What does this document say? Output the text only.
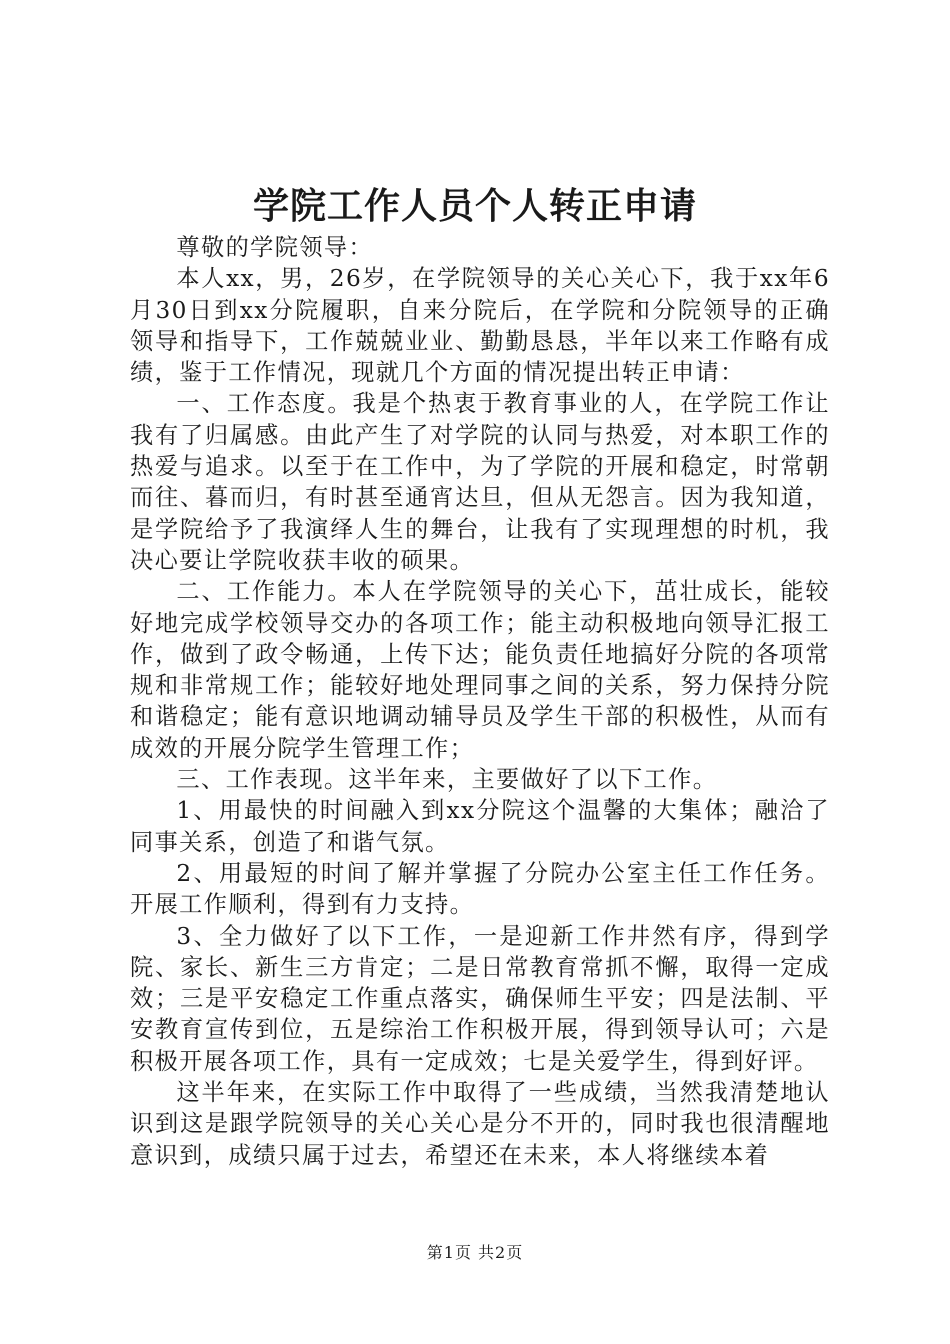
学院工作人员个人转正申请

尊敬的学院领导：

本人xx，男，26岁，在学院领导的关心关心下，我于xx年6月30日到xx分院履职，自来分院后，在学院和分院领导的正确领导和指导下，工作兢兢业业、勤勤恳恳，半年以来工作略有成绩，鉴于工作情况，现就几个方面的情况提出转正申请：

一、工作态度。我是个热衷于教育事业的人，在学院工作让我有了归属感。由此产生了对学院的认同与热爱，对本职工作的热爱与追求。以至于在工作中，为了学院的开展和稳定，时常朝而往、暮而归，有时甚至通宵达旦，但从无怨言。因为我知道，是学院给予了我演绎人生的舞台，让我有了实现理想的时机，我决心要让学院收获丰收的硕果。

二、工作能力。本人在学院领导的关心下，茁壮成长，能较好地完成学校领导交办的各项工作；能主动积极地向领导汇报工作，做到了政令畅通，上传下达；能负责任地搞好分院的各项常规和非常规工作；能较好地处理同事之间的关系，努力保持分院和谐稳定；能有意识地调动辅导员及学生干部的积极性，从而有成效的开展分院学生管理工作；

三、工作表现。这半年来，主要做好了以下工作。

1、用最快的时间融入到xx分院这个温馨的大集体；融洽了同事关系，创造了和谐气氛。

2、用最短的时间了解并掌握了分院办公室主任工作任务。开展工作顺利，得到有力支持。

3、全力做好了以下工作，一是迎新工作井然有序，得到学院、家长、新生三方肯定；二是日常教育常抓不懈，取得一定成效；三是平安稳定工作重点落实，确保师生平安；四是法制、平安教育宣传到位，五是综治工作积极开展，得到领导认可；六是积极开展各项工作，具有一定成效；七是关爱学生，得到好评。

这半年来，在实际工作中取得了一些成绩，当然我清楚地认识到这是跟学院领导的关心关心是分不开的，同时我也很清醒地意识到，成绩只属于过去，希望还在未来，本人将继续本着

第1页 共2页
